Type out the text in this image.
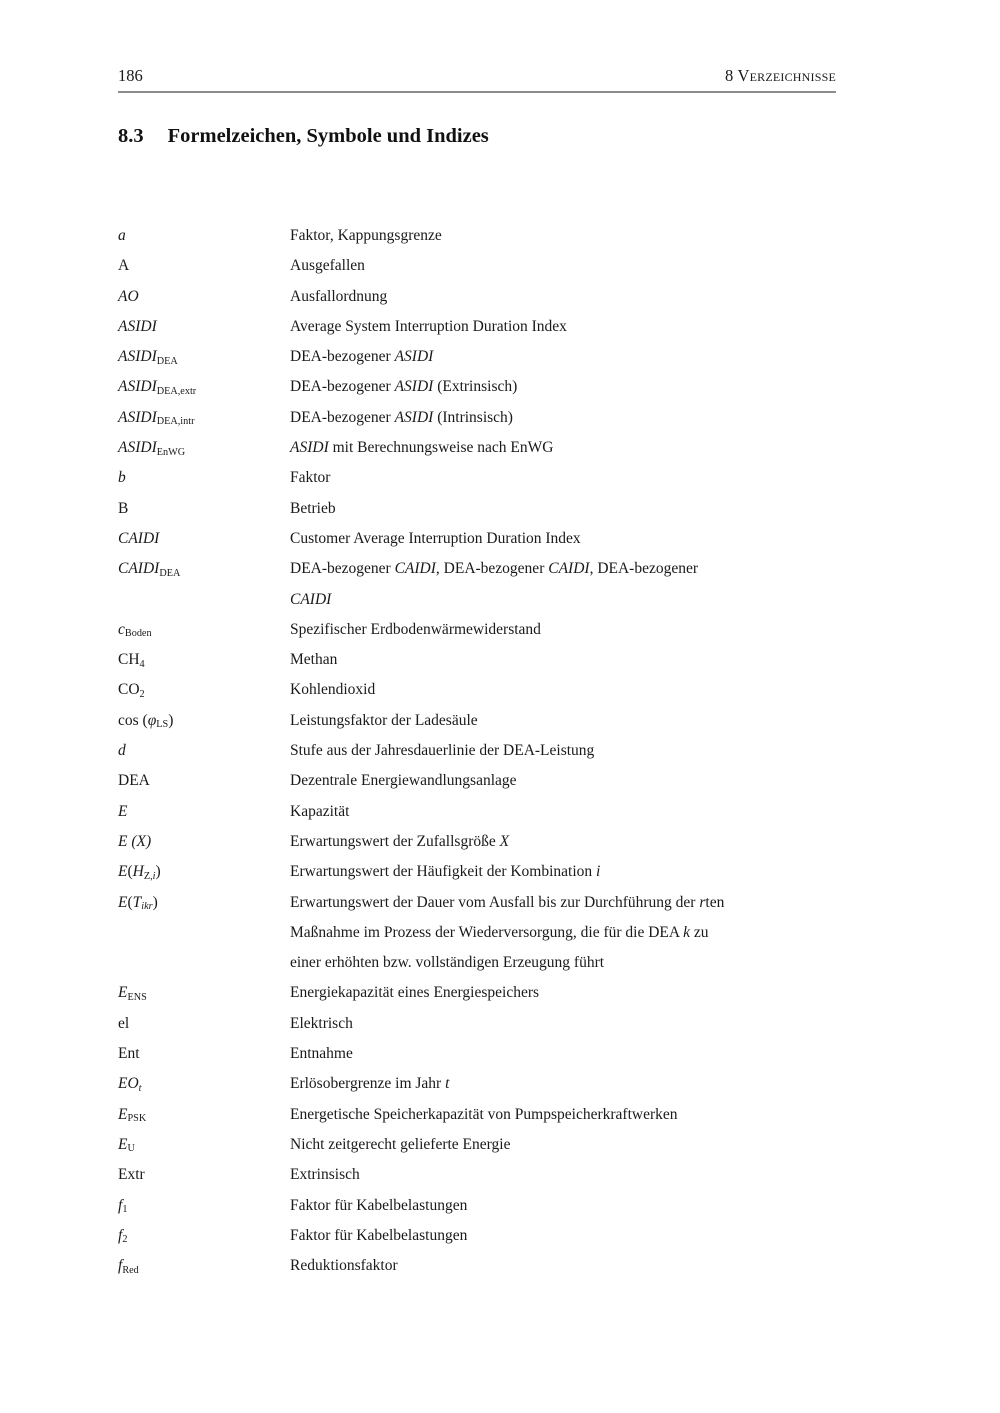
186	8 Verzeichnisse
8.3 Formelzeichen, Symbole und Indizes
a	Faktor, Kappungsgrenze
A	Ausgefallen
AO	Ausfallordnung
ASIDI	Average System Interruption Duration Index
ASIDIDEA	DEA-bezogener ASIDI
ASIDIDEA,extr	DEA-bezogener ASIDI (Extrinsisch)
ASIDIDEA,intr	DEA-bezogener ASIDI (Intrinsisch)
ASIDIEnWG	ASIDI mit Berechnungsweise nach EnWG
b	Faktor
B	Betrieb
CAIDI	Customer Average Interruption Duration Index
CAIDIDEA	DEA-bezogener CAIDI, DEA-bezogener CAIDI, DEA-bezogener
CAIDI
cBoden	Spezifischer Erdbodenwärmewiderstand
CH4	Methan
CO2	Kohlendioxid
cos (φLS)	Leistungsfaktor der Ladesäule
d	Stufe aus der Jahresdauerlinie der DEA-Leistung
DEA	Dezentrale Energiewandlungsanlage
E	Kapazität
E (X)	Erwartungswert der Zufallsgröße X
E(HZ,i)	Erwartungswert der Häufigkeit der Kombination i
E(Tikr)	Erwartungswert der Dauer vom Ausfall bis zur Durchführung der rten
Maßnahme im Prozess der Wiederversorgung, die für die DEA k zu
einer erhöhten bzw. vollständigen Erzeugung führt
EENS	Energiekapazität eines Energiespeichers
el	Elektrisch
Ent	Entnahme
EOt	Erlösobergrenze im Jahr t
EPSK	Energetische Speicherkapazität von Pumpspeicherkraftwerken
EU	Nicht zeitgerecht gelieferte Energie
Extr	Extrinsisch
f1	Faktor für Kabelbelastungen
f2	Faktor für Kabelbelastungen
fRed	Reduktionsfaktor
